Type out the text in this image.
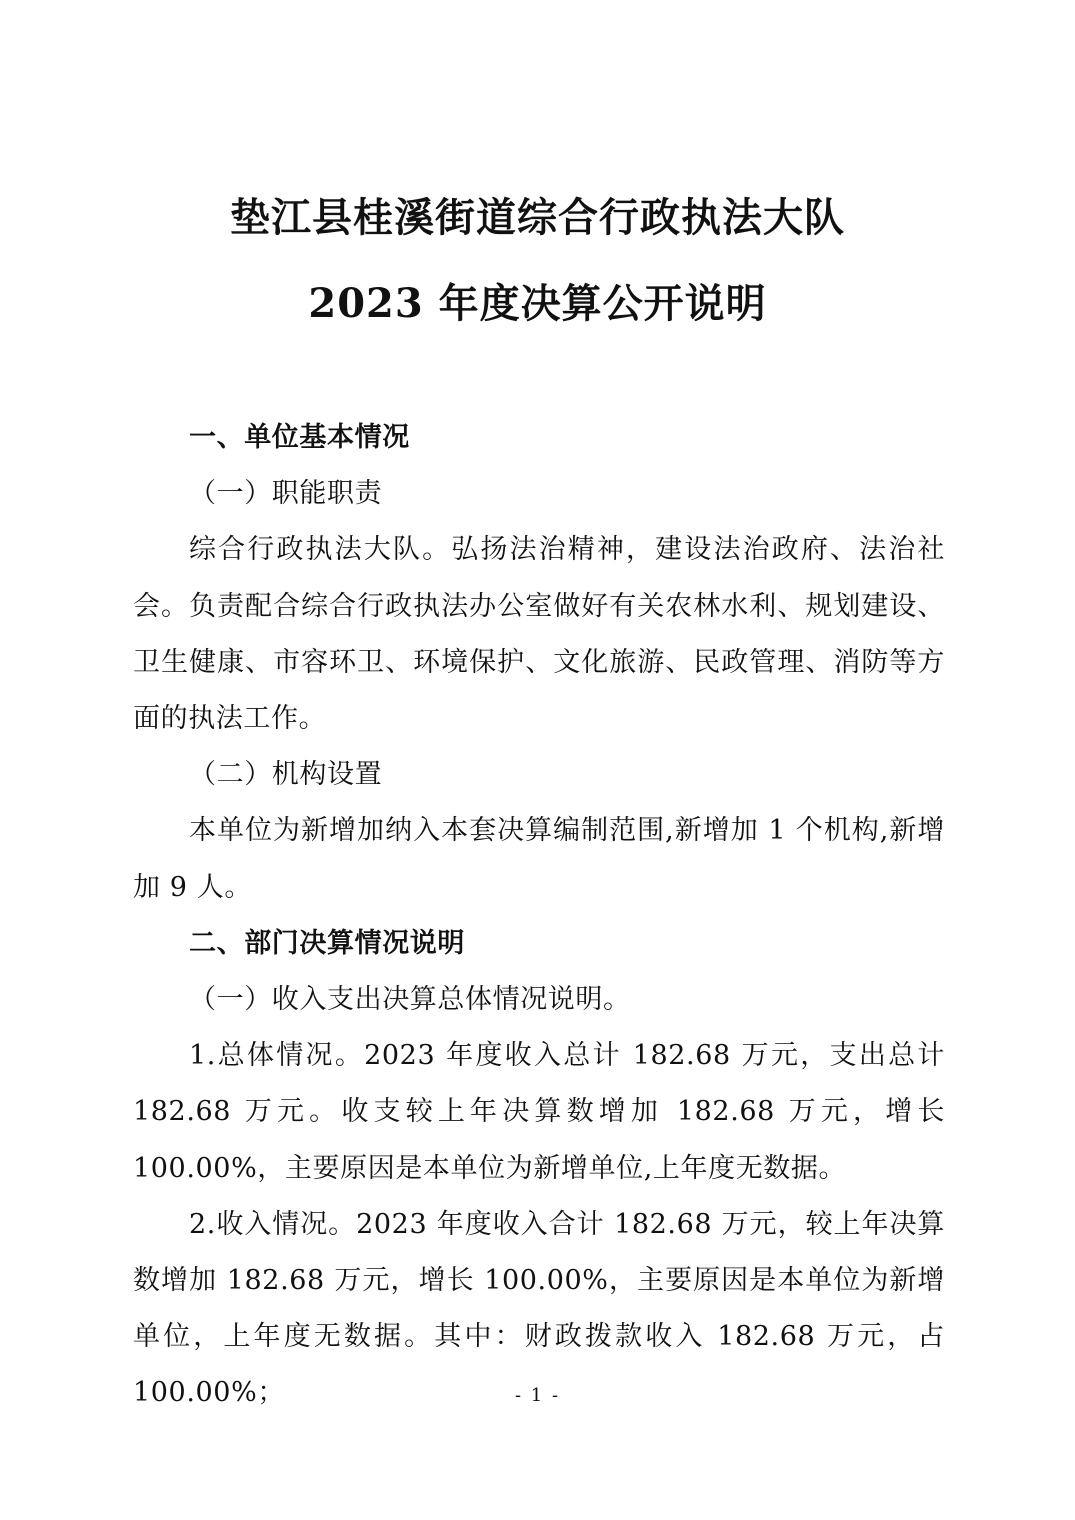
垫江县桂溪街道综合行政执法大队
2023 年度决算公开说明
一、单位基本情况

（一）职能职责

综合行政执法大队。弘扬法治精神，建设法治政府、法治社会。负责配合综合行政执法办公室做好有关农林水利、规划建设、卫生健康、市容环卫、环境保护、文化旅游、民政管理、消防等方面的执法工作。

（二）机构设置

本单位为新增加纳入本套决算编制范围,新增加 1 个机构,新增加 9 人。

二、部门决算情况说明

（一）收入支出决算总体情况说明。

1.总体情况。2023 年度收入总计 182.68 万元，支出总计 182.68 万元。收支较上年决算数增加 182.68 万元，增长 100.00%，主要原因是本单位为新增单位,上年度无数据。

2.收入情况。2023 年度收入合计 182.68 万元，较上年决算数增加 182.68 万元，增长 100.00%，主要原因是本单位为新增单位，上年度无数据。其中：财政拨款收入 182.68 万元，占 100.00%；	- 1 -
